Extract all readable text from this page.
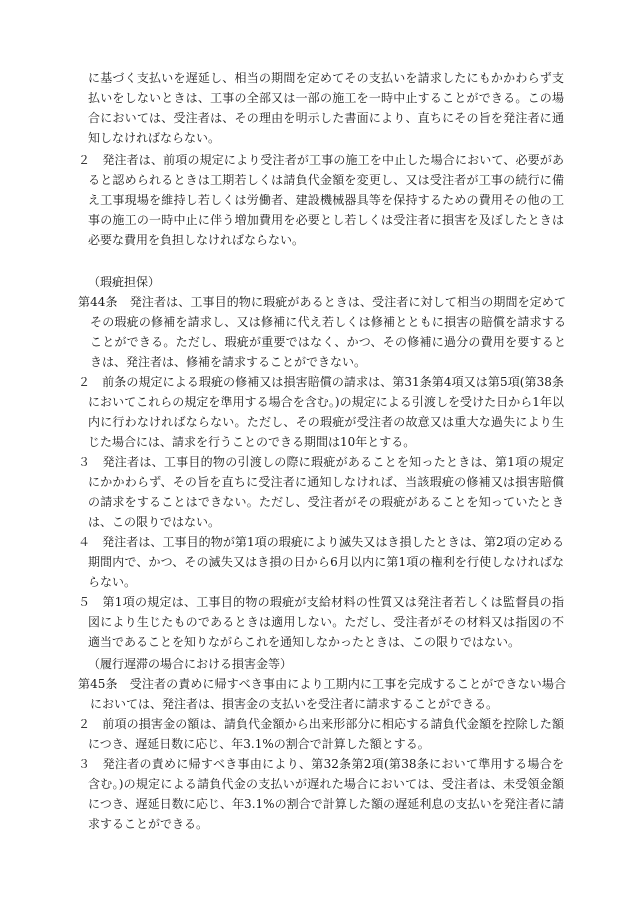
に基づく支払いを遅延し、相当の期間を定めてその支払いを請求したにもかかわらず支払いをしないときは、工事の全部又は一部の施工を一時中止することができる。この場合においては、受注者は、その理由を明示した書面により、直ちにその旨を発注者に通知しなければならない。
２　発注者は、前項の規定により受注者が工事の施工を中止した場合において、必要があると認められるときは工期若しくは請負代金額を変更し、又は受注者が工事の続行に備え工事現場を維持し若しくは労働者、建設機械器具等を保持するための費用その他の工事の施工の一時中止に伴う増加費用を必要とし若しくは受注者に損害を及ぼしたときは必要な費用を負担しなければならない。
（瑕疵担保）
第44条　発注者は、工事目的物に瑕疵があるときは、受注者に対して相当の期間を定めてその瑕疵の修補を請求し、又は修補に代え若しくは修補とともに損害の賠償を請求することができる。ただし、瑕疵が重要ではなく、かつ、その修補に過分の費用を要するときは、発注者は、修補を請求することができない。
２　前条の規定による瑕疵の修補又は損害賠償の請求は、第31条第4項又は第5項(第38条においてこれらの規定を準用する場合を含む。)の規定による引渡しを受けた日から1年以内に行わなければならない。ただし、その瑕疵が受注者の故意又は重大な過失により生じた場合には、請求を行うことのできる期間は10年とする。
３　発注者は、工事目的物の引渡しの際に瑕疵があることを知ったときは、第1項の規定にかかわらず、その旨を直ちに受注者に通知しなければ、当該瑕疵の修補又は損害賠償の請求をすることはできない。ただし、受注者がその瑕疵があることを知っていたときは、この限りではない。
４　発注者は、工事目的物が第1項の瑕疵により滅失又はき損したときは、第2項の定める期間内で、かつ、その滅失又はき損の日から6月以内に第1項の権利を行使しなければならない。
５　第1項の規定は、工事目的物の瑕疵が支給材料の性質又は発注者若しくは監督員の指図により生じたものであるときは適用しない。ただし、受注者がその材料又は指図の不適当であることを知りながらこれを通知しなかったときは、この限りではない。
（履行遅滞の場合における損害金等）
第45条　受注者の責めに帰すべき事由により工期内に工事を完成することができない場合においては、発注者は、損害金の支払いを受注者に請求することができる。
２　前項の損害金の額は、請負代金額から出来形部分に相応する請負代金額を控除した額につき、遅延日数に応じ、年3.1%の割合で計算した額とする。
３　発注者の責めに帰すべき事由により、第32条第2項(第38条において準用する場合を含む。)の規定による請負代金の支払いが遅れた場合においては、受注者は、未受領金額につき、遅延日数に応じ、年3.1%の割合で計算した額の遅延利息の支払いを発注者に請求することができる。
